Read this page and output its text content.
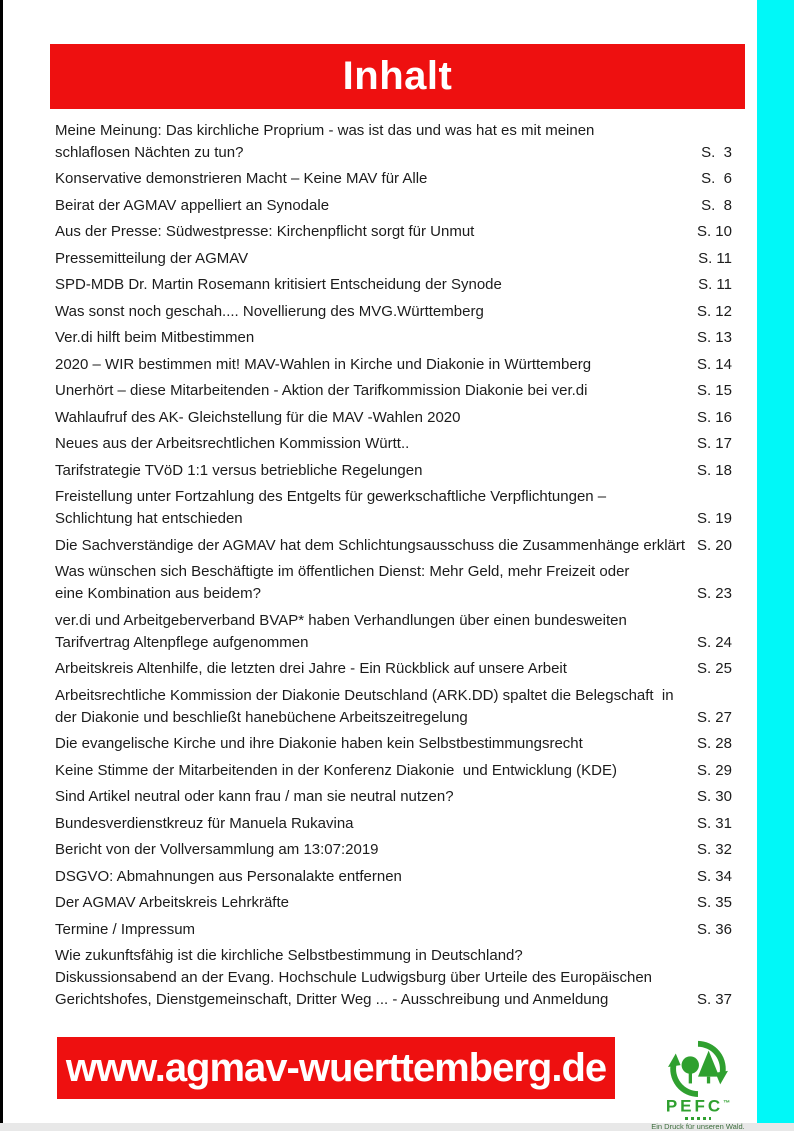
Inhalt
Meine Meinung: Das kirchliche Proprium - was ist das und was hat es mit meinen
schlaflosen Nächten zu tun?	S.  3
Konservative demonstrieren Macht – Keine MAV für Alle	S.  6
Beirat der AGMAV appelliert an Synodale	S.  8
Aus der Presse: Südwestpresse: Kirchenpflicht sorgt für Unmut	S. 10
Pressemitteilung der AGMAV	S. 11
SPD-MDB Dr. Martin Rosemann kritisiert Entscheidung der Synode	S. 11
Was sonst noch geschah.... Novellierung des MVG.Württemberg	S. 12
Ver.di hilft beim Mitbestimmen	S. 13
2020 – WIR bestimmen mit! MAV-Wahlen in Kirche und Diakonie in Württemberg	S. 14
Unerhört – diese Mitarbeitenden - Aktion der Tarifkommission Diakonie bei ver.di	S. 15
Wahlaufruf des AK- Gleichstellung für die MAV -Wahlen 2020	S. 16
Neues aus der Arbeitsrechtlichen Kommission Württ..	S. 17
Tarifstrategie TVöD 1:1 versus betriebliche Regelungen	S. 18
Freistellung unter Fortzahlung des Entgelts für gewerkschaftliche Verpflichtungen –
Schlichtung hat entschieden	S. 19
Die Sachverständige der AGMAV hat dem Schlichtungsausschuss die Zusammenhänge erklärt S. 20
Was wünschen sich Beschäftigte im öffentlichen Dienst: Mehr Geld, mehr Freizeit oder
eine Kombination aus beidem?	S. 23
ver.di und Arbeitgeberverband BVAP* haben Verhandlungen über einen bundesweiten
Tarifvertrag Altenpflege aufgenommen	S. 24
Arbeitskreis Altenhilfe, die letzten drei Jahre - Ein Rückblick auf unsere Arbeit	S. 25
Arbeitsrechtliche Kommission der Diakonie Deutschland (ARK.DD) spaltet die Belegschaft  in
der Diakonie und beschließt hanebüchene Arbeitszeitregelung	S. 27
Die evangelische Kirche und ihre Diakonie haben kein Selbstbestimmungsrecht	S. 28
Keine Stimme der Mitarbeitenden in der Konferenz Diakonie  und Entwicklung (KDE)	S. 29
Sind Artikel neutral oder kann frau / man sie neutral nutzen?	S. 30
Bundesverdienstkreuz für Manuela Rukavina	S. 31
Bericht von der Vollversammlung am 13:07:2019	S. 32
DSGVO: Abmahnungen aus Personalakte entfernen	S. 34
Der AGMAV Arbeitskreis Lehrkräfte	S. 35
Termine / Impressum	S. 36
Wie zukunftsfähig ist die kirchliche Selbstbestimmung in Deutschland?
Diskussionsabend an der Evang. Hochschule Ludwigsburg über Urteile des Europäischen
Gerichtshofes, Dienstgemeinschaft, Dritter Weg ... - Ausschreibung und Anmeldung	S. 37
www.agmav-wuerttemberg.de
PEFC™
Ein Druck für unseren Wald.
